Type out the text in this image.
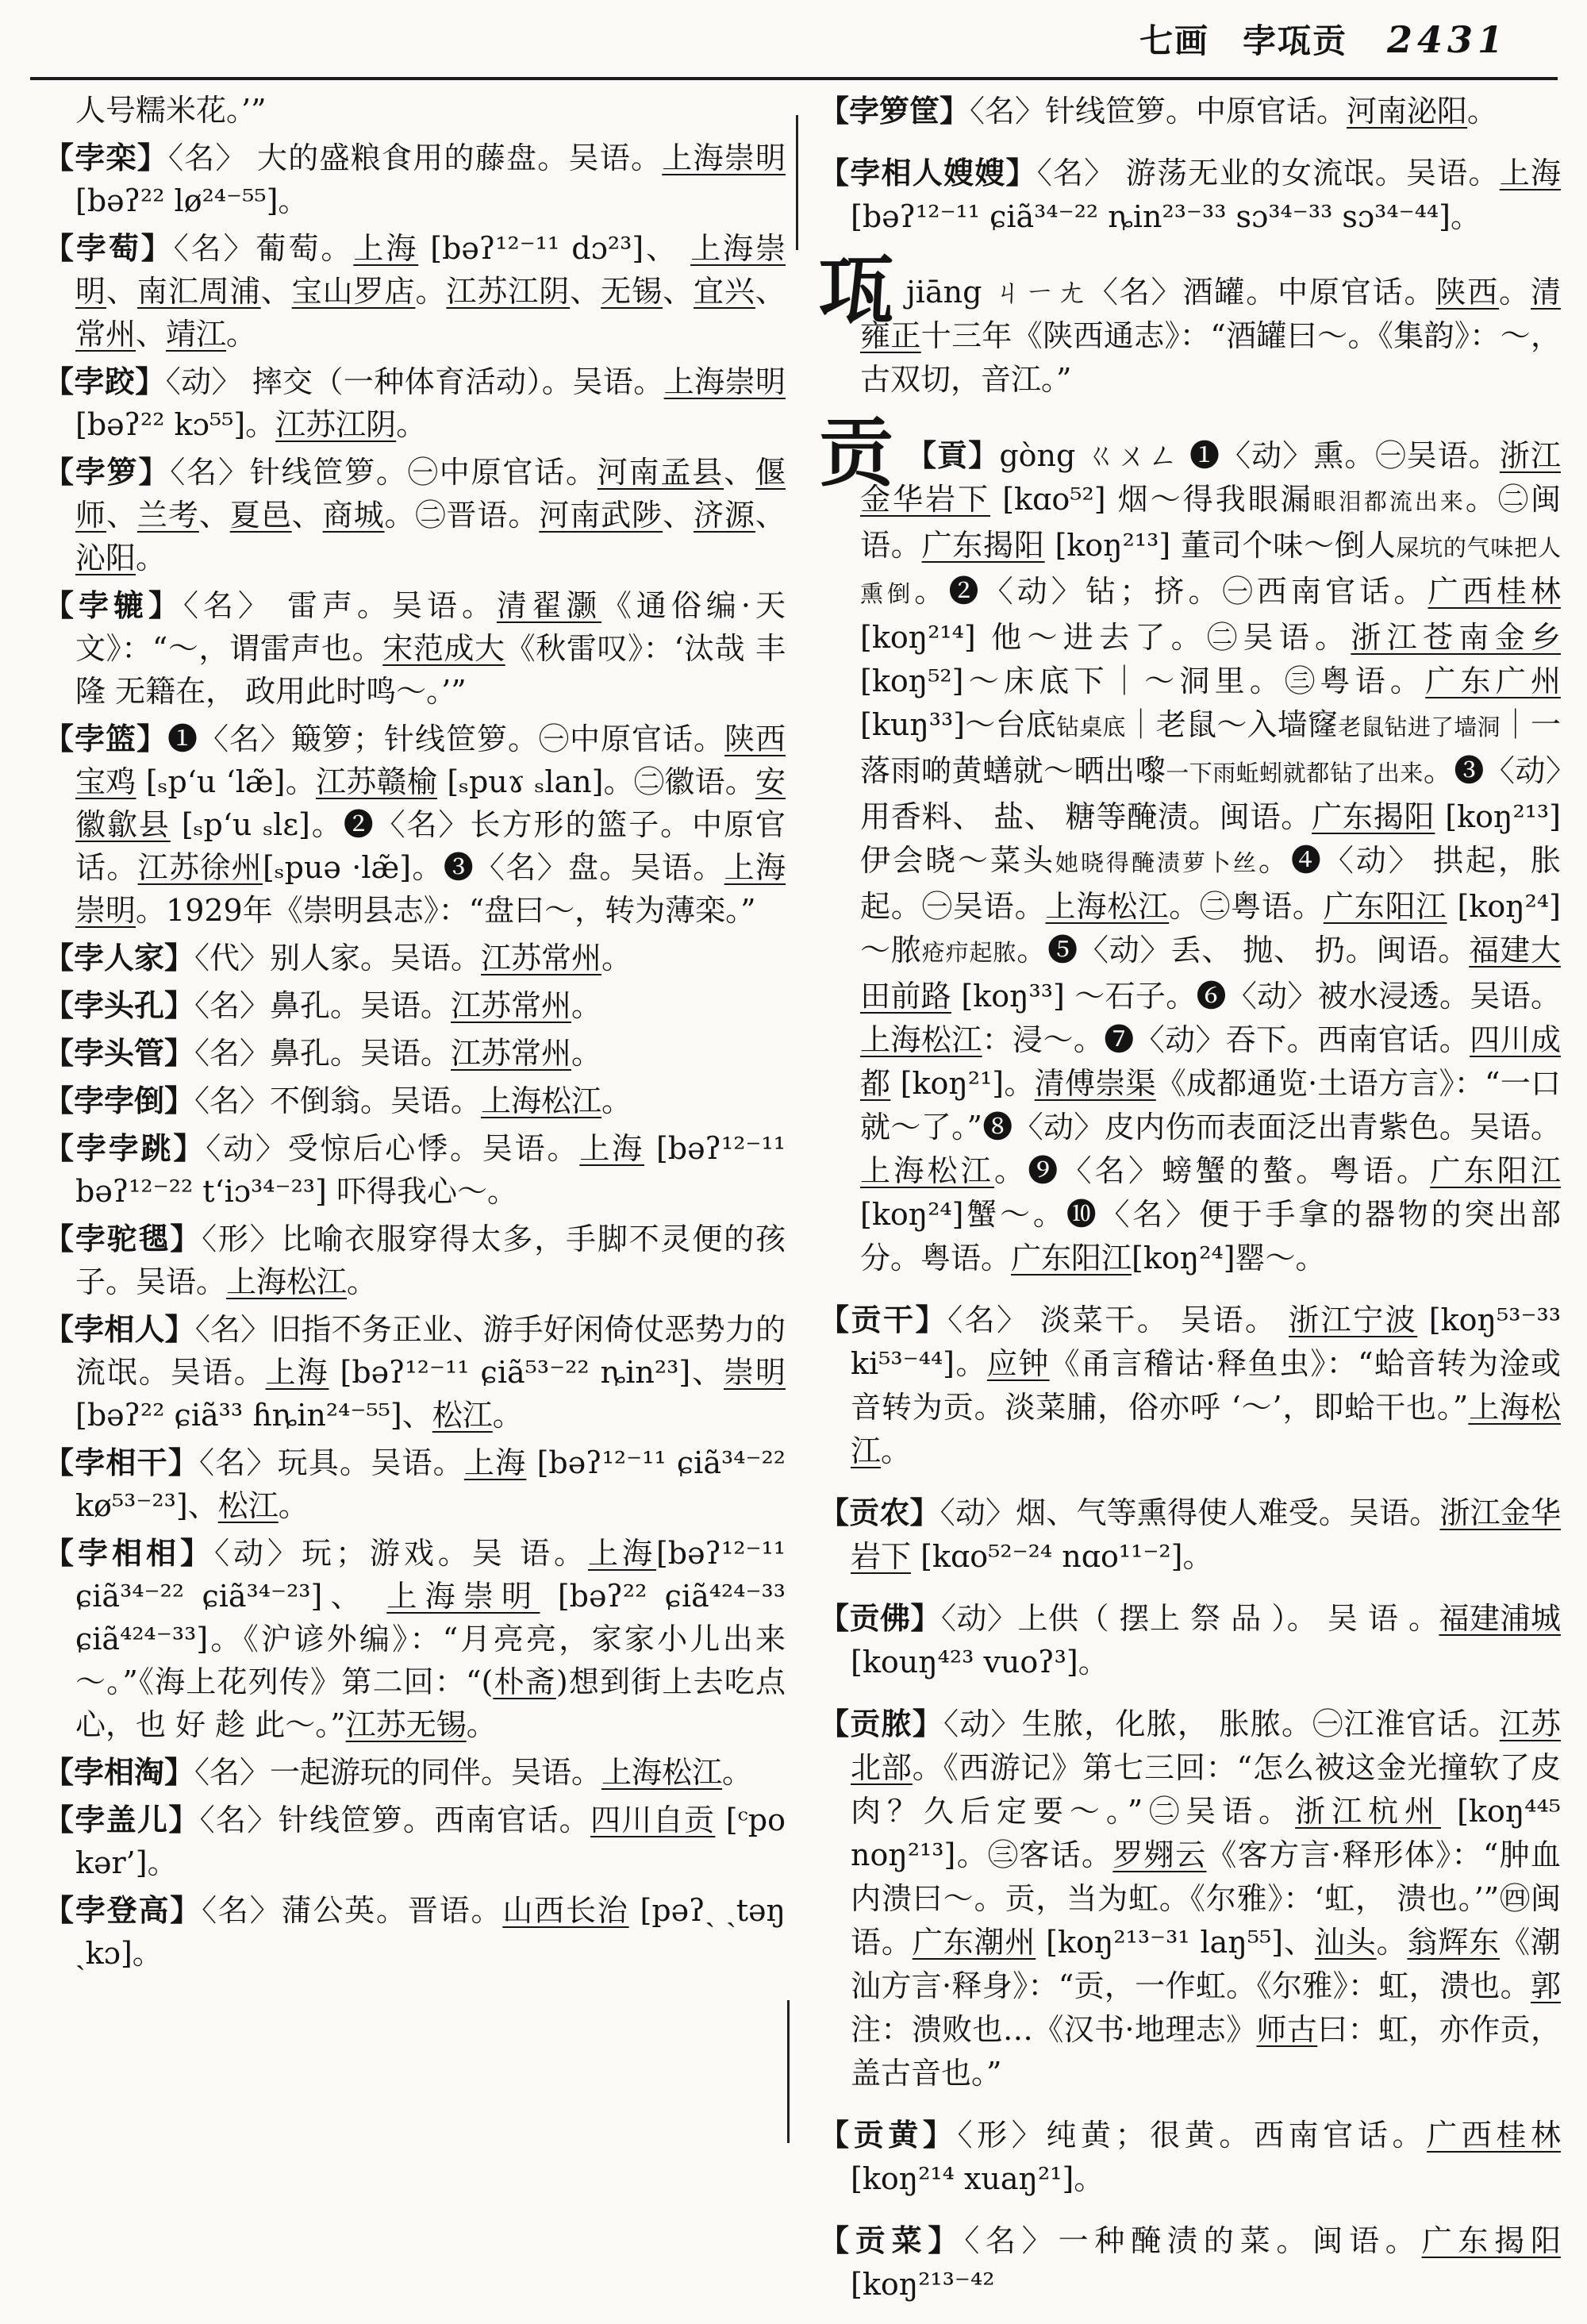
七画 孛瓨贡 2431

人号糯米花。’”

【孛栾】〈名〉 大的盛粮食用的藤盘。吴语。上海崇明 [bəʔ²² lø²⁴⁻⁵⁵]。

【孛萄】〈名〉葡萄。上海 [bəʔ¹²⁻¹¹ dɔ²³]、 上海崇明、南汇周浦、宝山罗店。江苏江阴、无锡、宜兴、常州、靖江。

【孛跤】〈动〉 摔交（一种体育活动）。吴语。上海崇明 [bəʔ²² kɔ⁵⁵]。江苏江阴。

【孛箩】〈名〉针线笸箩。㊀中原官话。河南孟县、偃师、兰考、夏邑、商城。㊁晋语。河南武陟、济源、沁阳。

【孛辘】〈名〉 雷声。吴语。清翟灏《通俗编·天文》：“～，谓雷声也。宋范成大《秋雷叹》：‘汰哉 丰 隆 无籍在， 政用此时鸣～。’”

【孛篮】❶〈名〉簸箩；针线笸箩。㊀中原官话。陕西宝鸡 [ₛp‘u ‘læ̃]。江苏赣榆 [ₛpuɤ ₛlan]。㊁徽语。安徽歙县 [ₛp‘u ₛlɛ]。❷〈名〉长方形的篮子。中原官话。江苏徐州[ₛpuə ·læ̃]。❸〈名〉盘。吴语。上海崇明。1929年《崇明县志》：“盘曰～，转为薄栾。”

【孛人家】〈代〉别人家。吴语。江苏常州。

【孛头孔】〈名〉鼻孔。吴语。江苏常州。

【孛头管】〈名〉鼻孔。吴语。江苏常州。

【孛孛倒】〈名〉不倒翁。吴语。上海松江。

【孛孛跳】〈动〉受惊后心悸。吴语。上海 [bəʔ¹²⁻¹¹ bəʔ¹²⁻²² t‘iɔ³⁴⁻²³] 吓得我心～。

【孛驼毸】〈形〉比喻衣服穿得太多，手脚不灵便的孩子。吴语。上海松江。

【孛相人】〈名〉旧指不务正业、游手好闲倚仗恶势力的流氓。吴语。上海 [bəʔ¹²⁻¹¹ ɕiã⁵³⁻²² ȵin²³]、崇明 [bəʔ²² ɕiã³³ ɦȵin²⁴⁻⁵⁵]、松江。

【孛相干】〈名〉玩具。吴语。上海 [bəʔ¹²⁻¹¹ ɕiã³⁴⁻²² kø⁵³⁻²³]、松江。

【孛相相】〈动〉玩；游戏。吴 语。上海[bəʔ¹²⁻¹¹ ɕiã³⁴⁻²² ɕiã³⁴⁻²³]、 上海崇明 [bəʔ²² ɕiã⁴²⁴⁻³³ ɕiã⁴²⁴⁻³³]。《沪谚外编》：“月亮亮，家家小儿出来～。”《海上花列传》第二回：“(朴斋)想到街上去吃点心，也 好 趁 此～。”江苏无锡。

【孛相淘】〈名〉一起游玩的同伴。吴语。上海松江。

【孛盖儿】〈名〉针线笸箩。西南官话。四川自贡 [ᶜpo kər’]。

【孛登高】〈名〉蒲公英。晋语。山西长治 [pəʔˎ ˏtəŋ ˏkɔ]。

【孛箩筐】〈名〉针线笸箩。中原官话。河南泌阳。

【孛相人嫂嫂】〈名〉 游荡无业的女流氓。吴语。上海 [bəʔ¹²⁻¹¹ ɕiã³⁴⁻²² ȵin²³⁻³³ sɔ³⁴⁻³³ sɔ³⁴⁻⁴⁴]。

瓨jiāng ㄐㄧㄤ〈名〉酒罐。中原官话。陕西。清雍正十三年《陕西通志》：“酒罐曰～。《集韵》：～，古双切，音江。”

贡 【貢】gòng ㄍㄨㄥ ❶〈动〉熏。㊀吴语。浙江金华岩下 [kɑo⁵²] 烟～得我眼漏眼泪都流出来。㊁闽语。广东揭阳 [koŋ²¹³] 董司个味～倒人屎坑的气味把人熏倒。❷〈动〉钻；挤。㊀西南官话。广西桂林 [koŋ²¹⁴] 他～进去了。㊁吴语。浙江苍南金乡 [koŋ⁵²]～床底下｜～洞里。㊂粤语。广东广州 [kuŋ³³]～台底钻桌底｜老鼠～入墙窿老鼠钻进了墙洞｜一落雨啲黄蟮就～晒出嚟一下雨蚯蚓就都钻了出来。❸〈动〉用香料、 盐、 糖等醃渍。闽语。广东揭阳 [koŋ²¹³] 伊会晓～菜头她晓得醃渍萝卜丝。❹〈动〉 拱起，胀起。㊀吴语。上海松江。㊁粤语。广东阳江 [koŋ²⁴] ～脓疮疖起脓。❺〈动〉丢、 抛、 扔。闽语。福建大田前路 [koŋ³³] ～石子。❻〈动〉被水浸透。吴语。上海松江：浸～。❼〈动〉吞下。西南官话。四川成都 [koŋ²¹]。清傅崇渠《成都通览·土语方言》：“一口就～了。”❽〈动〉皮内伤而表面泛出青紫色。吴语。上海松江。❾〈名〉螃蟹的螯。粤语。广东阳江 [koŋ²⁴]蟹～。❿〈名〉便于手拿的器物的突出部分。粤语。广东阳江[koŋ²⁴]罂～。

【贡干】〈名〉 淡菜干。 吴语。 浙江宁波 [koŋ⁵³⁻³³ ki⁵³⁻⁴⁴]。应钟《甬言稽诂·释鱼虫》：“蛤音转为淦或音转为贡。淡菜脯，俗亦呼 ‘～’，即蛤干也。”上海松江。

【贡农】〈动〉烟、气等熏得使人难受。吴语。浙江金华岩下 [kɑo⁵²⁻²⁴ nɑo¹¹⁻²]。

【贡佛】〈动〉上供（ 摆上 祭 品 ）。 吴 语 。福建浦城 [kouŋ⁴²³ vuoʔ³]。

【贡脓】〈动〉生脓，化脓， 胀脓。㊀江淮官话。江苏北部。《西游记》第七三回：“怎么被这金光撞软了皮肉？久后定要～。”㊁吴语。浙江杭州 [koŋ⁴⁴⁵ noŋ²¹³]。㊂客话。罗翙云《客方言·释形体》：“肿血内溃曰～。贡，当为虹。《尔雅》：‘虹， 溃也。’”㊃闽语。广东潮州 [koŋ²¹³⁻³¹ laŋ⁵⁵]、汕头。翁辉东《潮汕方言·释身》：“贡，一作虹。《尔雅》：虹，溃也。郭注：溃败也…《汉书·地理志》师古曰：虹，亦作贡，盖古音也。”

【贡黄】〈形〉纯黄；很黄。西南官话。广西桂林 [koŋ²¹⁴ xuaŋ²¹]。

【贡菜】〈名〉一种醃渍的菜。闽语。广东揭阳[koŋ²¹³⁻⁴²
